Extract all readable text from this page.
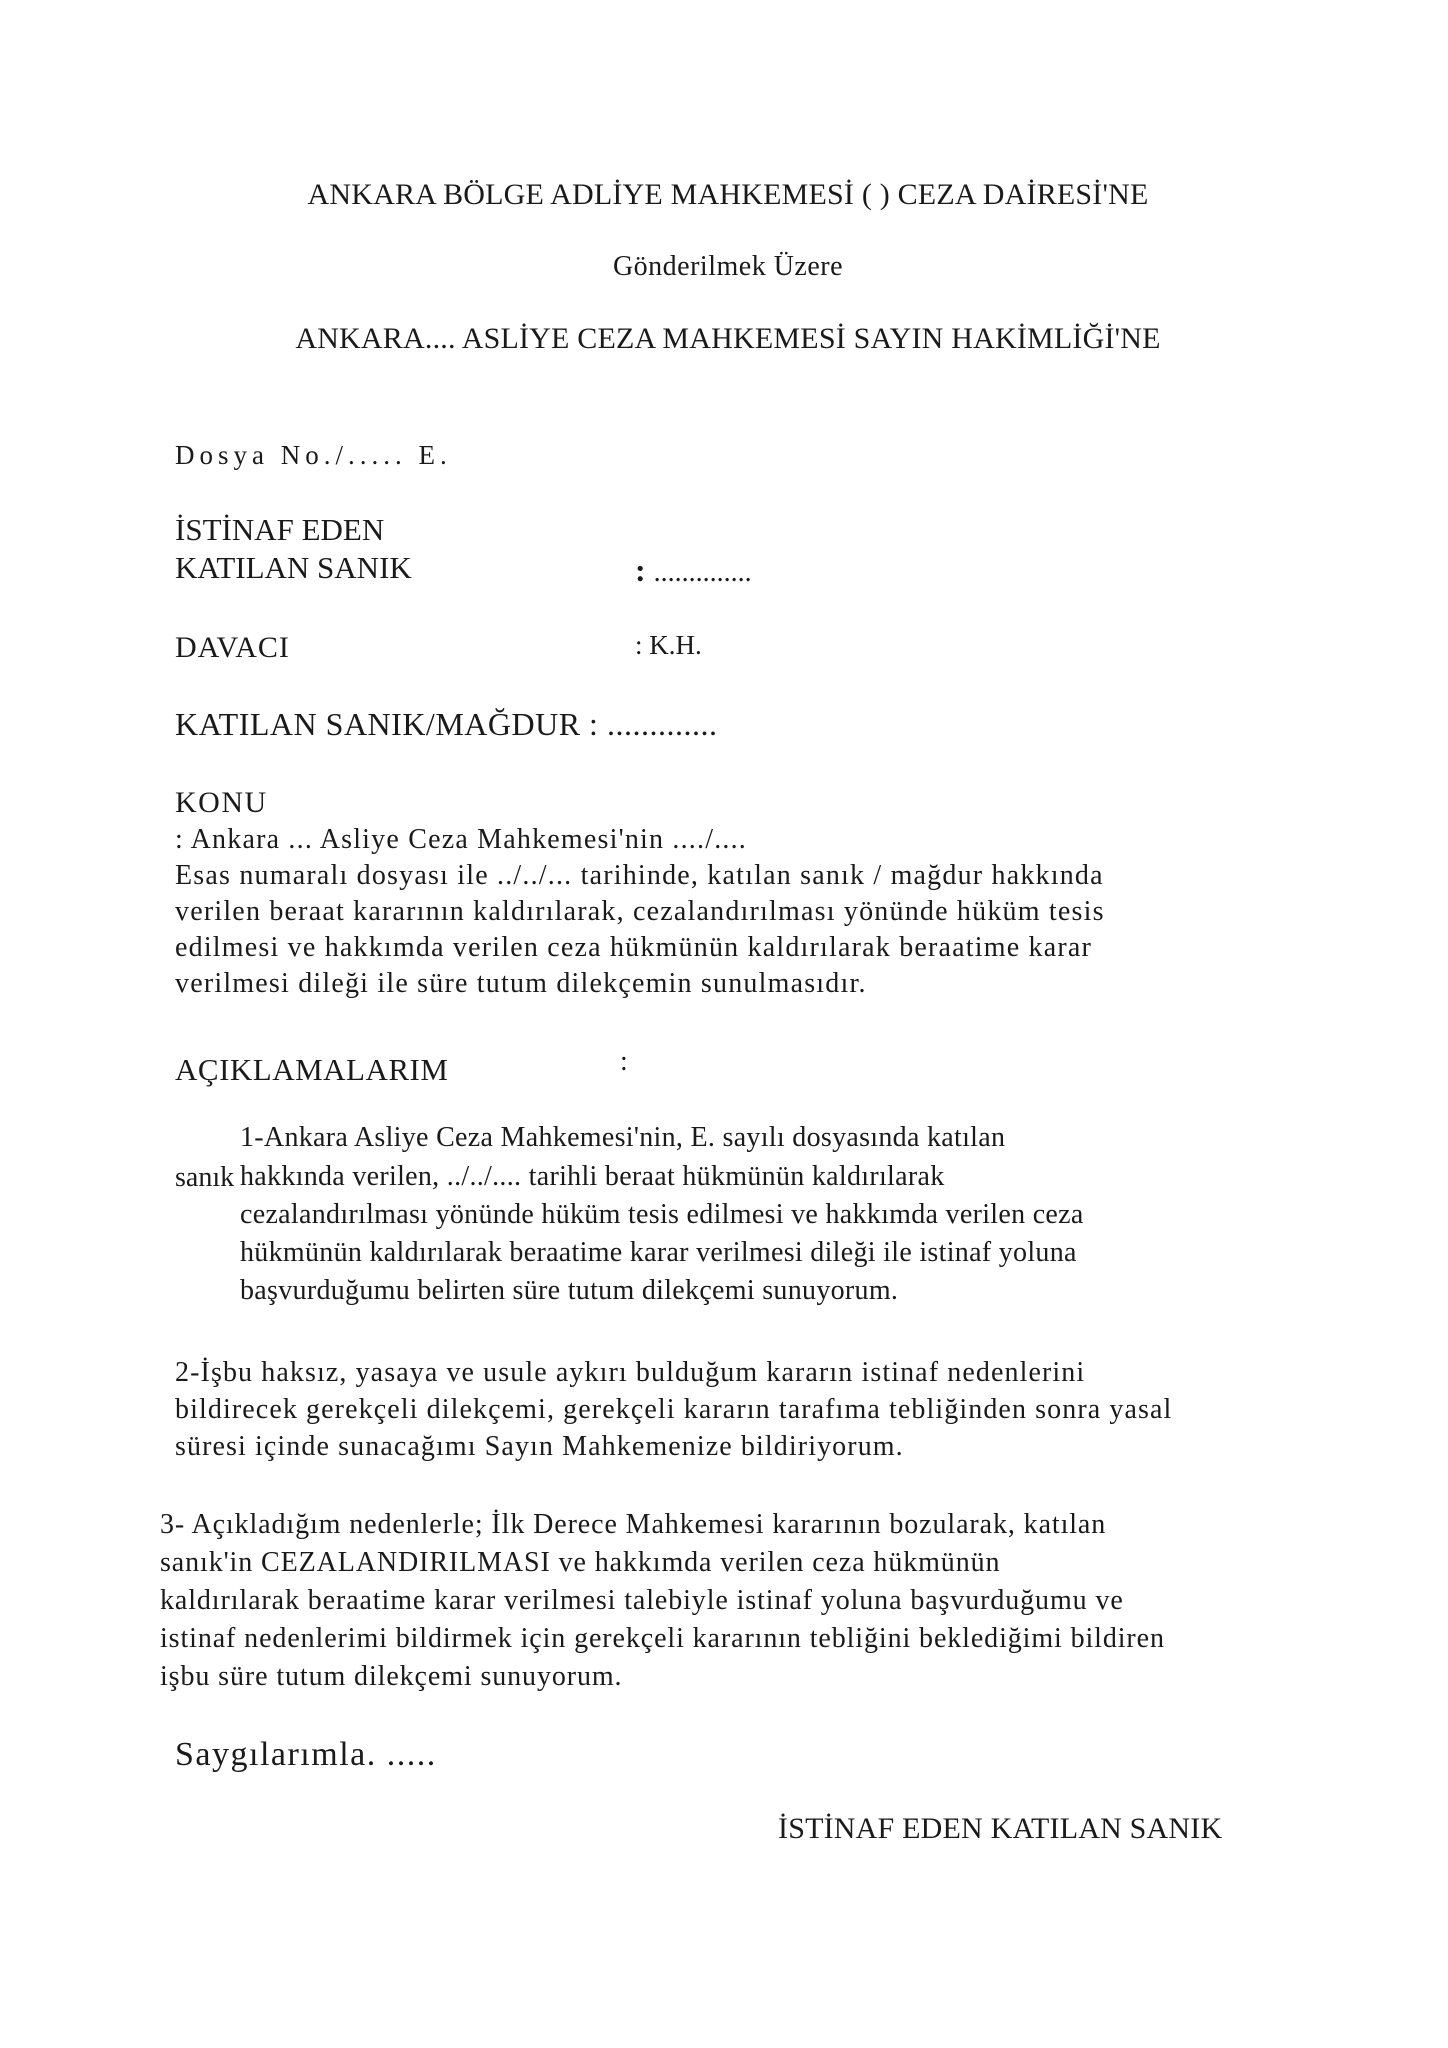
ANKARA BÖLGE ADLİYE MAHKEMESİ ( ) CEZA DAİRESİ'NE
Gönderilmek Üzere
ANKARA.... ASLİYE CEZA MAHKEMESİ SAYIN HAKİMLİĞİ'NE
Dosya No./..... E.
İSTİNAF EDEN
KATILAN SANIK	: ..............
DAVACI	: K.H.
KATILAN SANIK/MAĞDUR : .............
KONU
: Ankara ... Asliye Ceza Mahkemesi'nin ..../....
Esas numaralı dosyası ile ../../... tarihinde, katılan sanık / mağdur hakkında
verilen beraat kararının kaldırılarak, cezalandırılması yönünde hüküm tesis
edilmesi ve hakkımda verilen ceza hükmünün kaldırılarak beraatime karar
verilmesi dileği ile süre tutum dilekçemin sunulmasıdır.
AÇIKLAMALARIM	:
1-Ankara Asliye Ceza Mahkemesi'nin, E. sayılı dosyasında katılan
sanık hakkında verilen, ../../.... tarihli beraat hükmünün kaldırılarak
cezalandırılması yönünde hüküm tesis edilmesi ve hakkımda verilen ceza
hükmünün kaldırılarak beraatime karar verilmesi dileği ile istinaf yoluna
başvurduğumu belirten süre tutum dilekçemi sunuyorum.
2-İşbu haksız, yasaya ve usule aykırı bulduğum kararın istinaf nedenlerini
bildirecek gerekçeli dilekçemi, gerekçeli kararın tarafıma tebliğinden sonra yasal
süresi içinde sunacağımı Sayın Mahkemenize bildiriyorum.
3- Açıkladığım nedenlerle; İlk Derece Mahkemesi kararının bozularak, katılan
sanık'in CEZALANDIRILMASI ve hakkımda verilen ceza hükmünün
kaldırılarak beraatime karar verilmesi talebiyle istinaf yoluna başvurduğumu ve
istinaf nedenlerimi bildirmek için gerekçeli kararının tebliğini beklediğimi bildiren
işbu süre tutum dilekçemi sunuyorum.
Saygılarımla. .....
İSTİNAF EDEN KATILAN SANIK
